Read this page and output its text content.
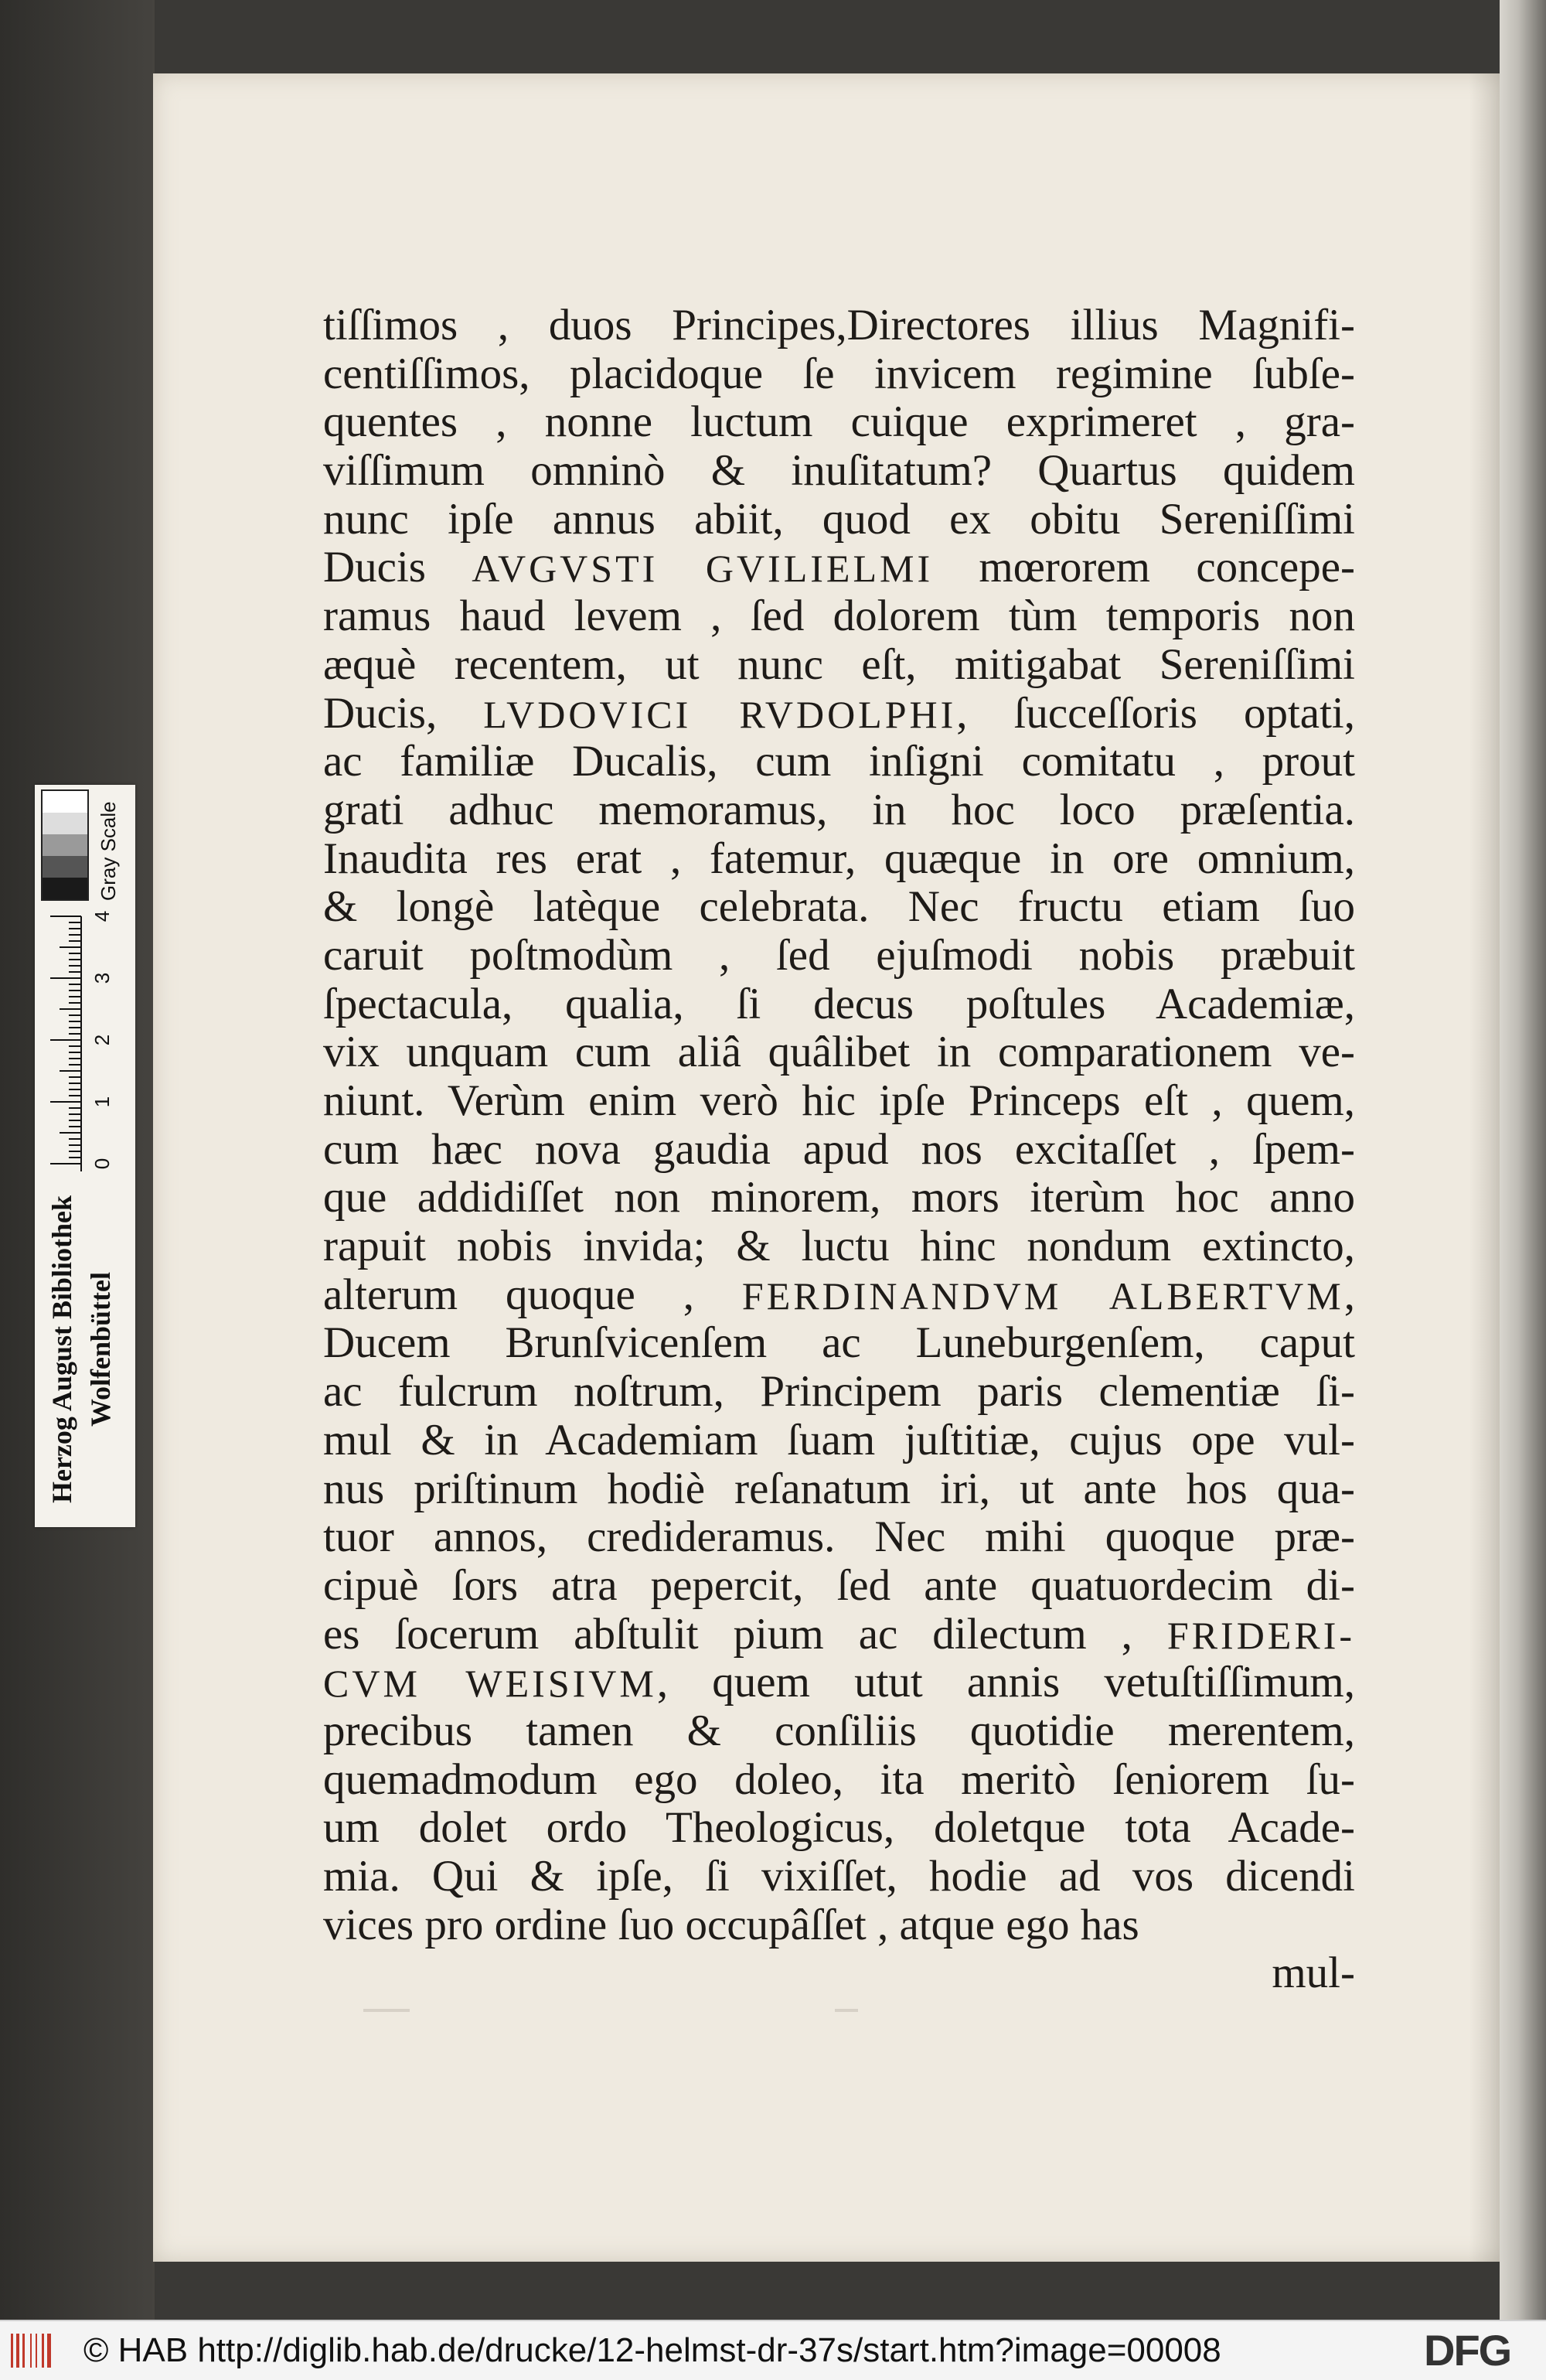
tiſſimos , duos Principes,Directores illius Magnifi-
centiſſimos, placidoque ſe invicem regimine ſubſe-
quentes , nonne luctum cuique exprimeret , gra-
viſſimum omninò & inuſitatum? Quartus quidem
nunc ipſe annus abiit, quod ex obitu Sereniſſimi
Ducis AVGVSTI GVILIELMI mœrorem concepe-
ramus haud levem , ſed dolorem tùm temporis non
æquè recentem, ut nunc eſt, mitigabat Sereniſſimi
Ducis, LVDOVICI RVDOLPHI, ſucceſſoris optati,
ac familiæ Ducalis, cum inſigni comitatu , prout
grati adhuc memoramus, in hoc loco præſentia.
Inaudita res erat , fatemur, quæque in ore omnium,
& longè latèque celebrata. Nec fructu etiam ſuo
caruit poſtmodùm , ſed ejuſmodi nobis præbuit
ſpectacula, qualia, ſi decus poſtules Academiæ,
vix unquam cum aliâ quâlibet in comparationem ve-
niunt. Verùm enim verò hic ipſe Princeps eſt , quem,
cum hæc nova gaudia apud nos excitaſſet , ſpem-
que addidiſſet non minorem, mors iterùm hoc anno
rapuit nobis invida; & luctu hinc nondum extincto,
alterum quoque , FERDINANDVM ALBERTVM,
Ducem Brunſvicenſem ac Luneburgenſem, caput
ac fulcrum noſtrum, Principem paris clementiæ ſi-
mul & in Academiam ſuam juſtitiæ, cujus ope vul-
nus priſtinum hodiè reſanatum iri, ut ante hos qua-
tuor annos, credideramus. Nec mihi quoque præ-
cipuè ſors atra pepercit, ſed ante quatuordecim di-
es ſocerum abſtulit pium ac dilectum , FRIDERI-
CVM WEISIVM, quem utut annis vetuſtiſſimum,
precibus tamen & conſiliis quotidie merentem,
quemadmodum ego doleo, ita meritò ſeniorem ſu-
um dolet ordo Theologicus, doletque tota Acade-
mia. Qui & ipſe, ſi vixiſſet, hodie ad vos dicendi
vices pro ordine ſuo occupâſſet , atque ego has
mul-
Herzog August Bibliothek Wolfenbüttel
0
1
2
3
4
Gray Scale
© HAB http://diglib.hab.de/drucke/12-helmst-dr-37s/start.htm?image=00008	DFG
